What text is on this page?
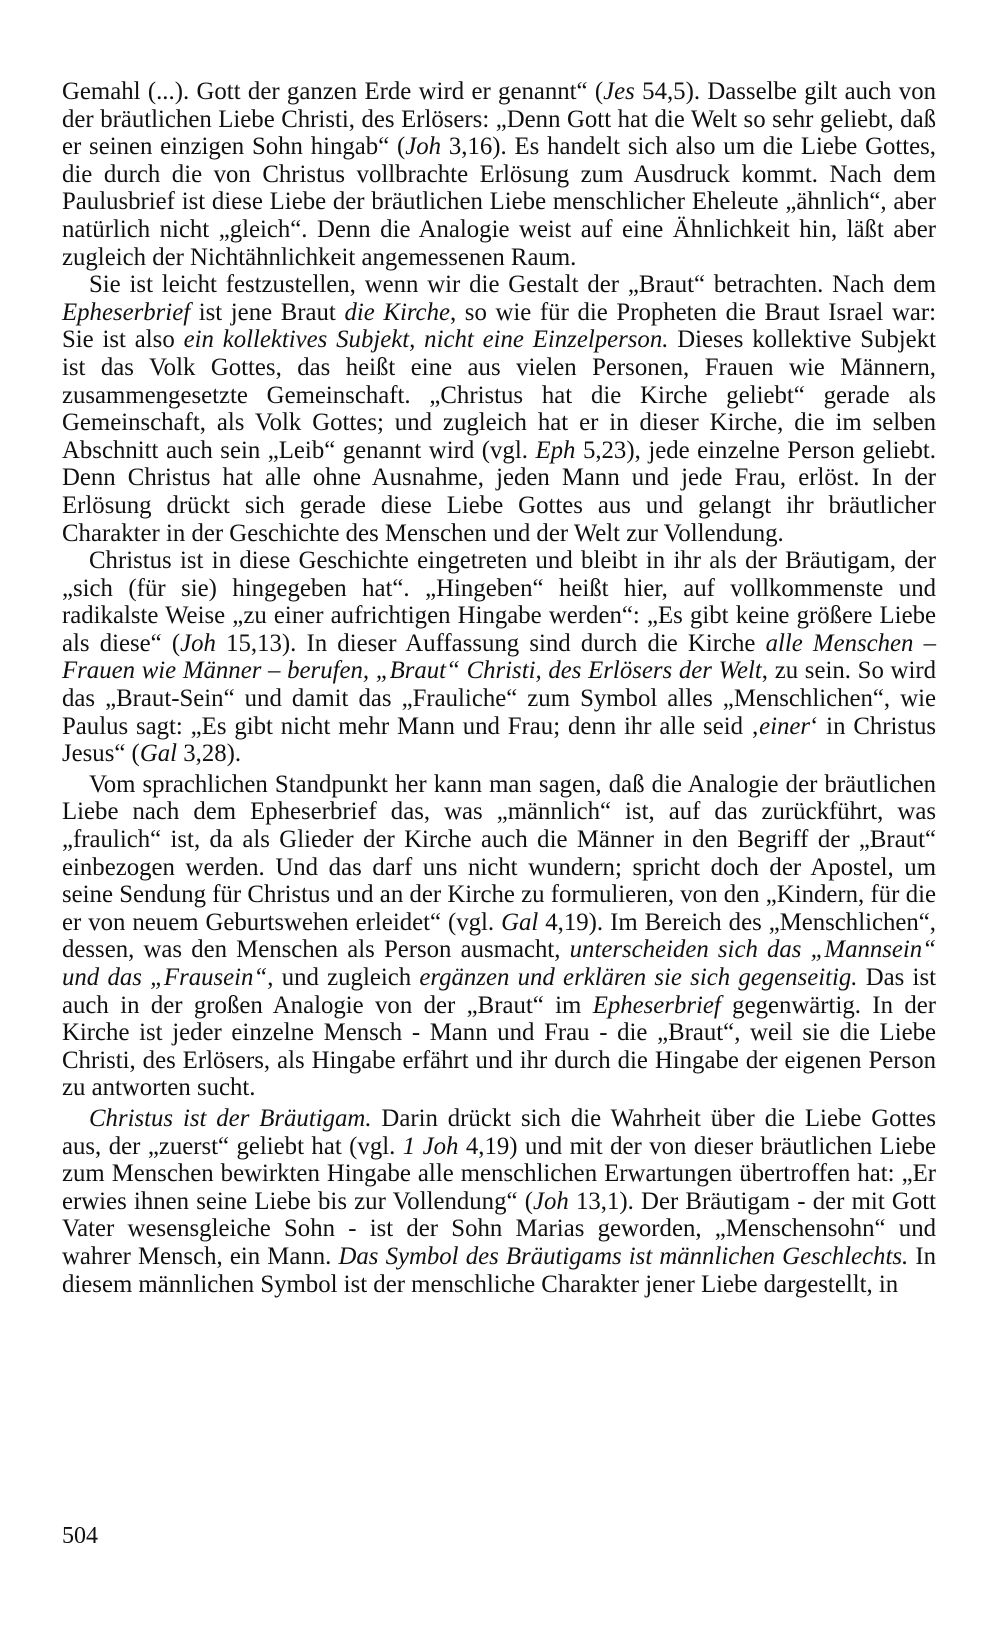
Gemahl (...). Gott der ganzen Erde wird er genannt“ (Jes 54,5). Dasselbe gilt auch von der bräutlichen Liebe Christi, des Erlösers: „Denn Gott hat die Welt so sehr geliebt, daß er seinen einzigen Sohn hingab“ (Joh 3,16). Es handelt sich also um die Liebe Gottes, die durch die von Christus vollbrachte Erlösung zum Ausdruck kommt. Nach dem Paulusbrief ist diese Liebe der bräutlichen Liebe menschlicher Eheleute „ähnlich“, aber natürlich nicht „gleich“. Denn die Analogie weist auf eine Ähnlichkeit hin, läßt aber zugleich der Nichtähnlichkeit angemessenen Raum.

Sie ist leicht festzustellen, wenn wir die Gestalt der „Braut“ betrachten. Nach dem Epheserbrief ist jene Braut die Kirche, so wie für die Propheten die Braut Israel war: Sie ist also ein kollektives Subjekt, nicht eine Einzelperson. Dieses kollektive Subjekt ist das Volk Gottes, das heißt eine aus vielen Personen, Frauen wie Männern, zusammengesetzte Gemeinschaft. „Christus hat die Kirche geliebt“ gerade als Gemeinschaft, als Volk Gottes; und zugleich hat er in dieser Kirche, die im selben Abschnitt auch sein „Leib“ genannt wird (vgl. Eph 5,23), jede einzelne Person geliebt. Denn Christus hat alle ohne Ausnahme, jeden Mann und jede Frau, erlöst. In der Erlösung drückt sich gerade diese Liebe Gottes aus und gelangt ihr bräutlicher Charakter in der Geschichte des Menschen und der Welt zur Vollendung.

Christus ist in diese Geschichte eingetreten und bleibt in ihr als der Bräutigam, der „sich (für sie) hingegeben hat“. „Hingeben“ heißt hier, auf vollkommenste und radikalste Weise „zu einer aufrichtigen Hingabe werden“: „Es gibt keine größere Liebe als diese“ (Joh 15,13). In dieser Auffassung sind durch die Kirche alle Menschen – Frauen wie Männer – berufen, „Braut“ Christi, des Erlösers der Welt, zu sein. So wird das „Braut-Sein“ und damit das „Frauliche“ zum Symbol alles „Menschlichen“, wie Paulus sagt: „Es gibt nicht mehr Mann und Frau; denn ihr alle seid ‚einer‘ in Christus Jesus“ (Gal 3,28).

Vom sprachlichen Standpunkt her kann man sagen, daß die Analogie der bräutlichen Liebe nach dem Epheserbrief das, was „männlich“ ist, auf das zurückführt, was „fraulich“ ist, da als Glieder der Kirche auch die Männer in den Begriff der „Braut“ einbezogen werden. Und das darf uns nicht wundern; spricht doch der Apostel, um seine Sendung für Christus und an der Kirche zu formulieren, von den „Kindern, für die er von neuem Geburtswehen erleidet“ (vgl. Gal 4,19). Im Bereich des „Menschlichen“, dessen, was den Menschen als Person ausmacht, unterscheiden sich das „Mannsein“ und das „Frausein“, und zugleich ergänzen und erklären sie sich gegenseitig. Das ist auch in der großen Analogie von der „Braut“ im Epheserbrief gegenwärtig. In der Kirche ist jeder einzelne Mensch - Mann und Frau - die „Braut“, weil sie die Liebe Christi, des Erlösers, als Hingabe erfährt und ihr durch die Hingabe der eigenen Person zu antworten sucht.

Christus ist der Bräutigam. Darin drückt sich die Wahrheit über die Liebe Gottes aus, der „zuerst“ geliebt hat (vgl. 1 Joh 4,19) und mit der von dieser bräutlichen Liebe zum Menschen bewirkten Hingabe alle menschlichen Erwartungen übertroffen hat: „Er erwies ihnen seine Liebe bis zur Vollendung“ (Joh 13,1). Der Bräutigam - der mit Gott Vater wesensgleiche Sohn - ist der Sohn Marias geworden, „Menschensohn“ und wahrer Mensch, ein Mann. Das Symbol des Bräutigams ist männlichen Geschlechts. In diesem männlichen Symbol ist der menschliche Charakter jener Liebe dargestellt, in

504
